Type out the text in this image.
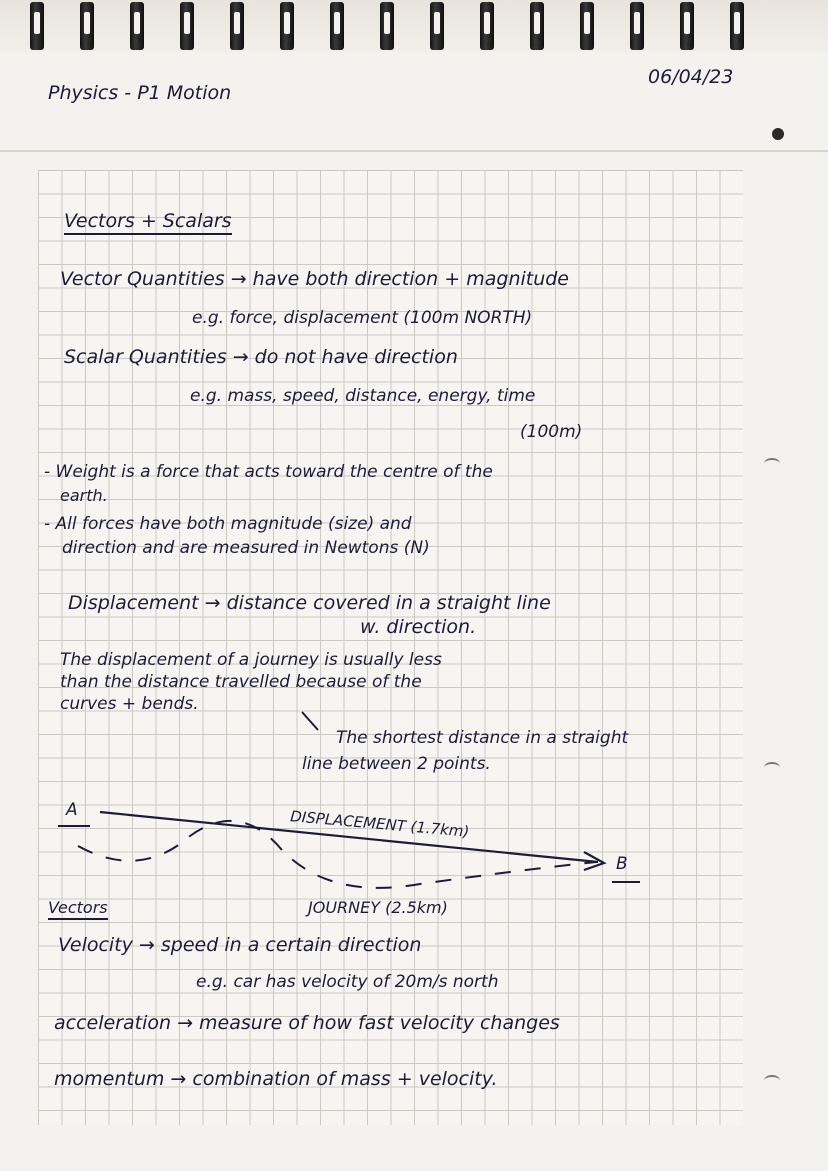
Physics - P1 Motion
06/04/23
Vectors + Scalars
Vector Quantities → have both direction + magnitude
e.g. force, displacement (100m NORTH)
Scalar Quantities → do not have direction
e.g. mass, speed, distance, energy, time
(100m)
- Weight is a force that acts toward the centre of the
earth.
- All forces have both magnitude (size) and
direction and are measured in Newtons (N)
Displacement → distance covered in a straight line
w. direction.
The displacement of a journey is usually less
than the distance travelled because of the
curves + bends.
The shortest distance in a straight
line between 2 points.
A
B
DISPLACEMENT (1.7km)
JOURNEY (2.5km)
Vectors
Velocity → speed in a certain direction
e.g. car has velocity of 20m/s north
acceleration → measure of how fast velocity changes
momentum → combination of mass + velocity.
